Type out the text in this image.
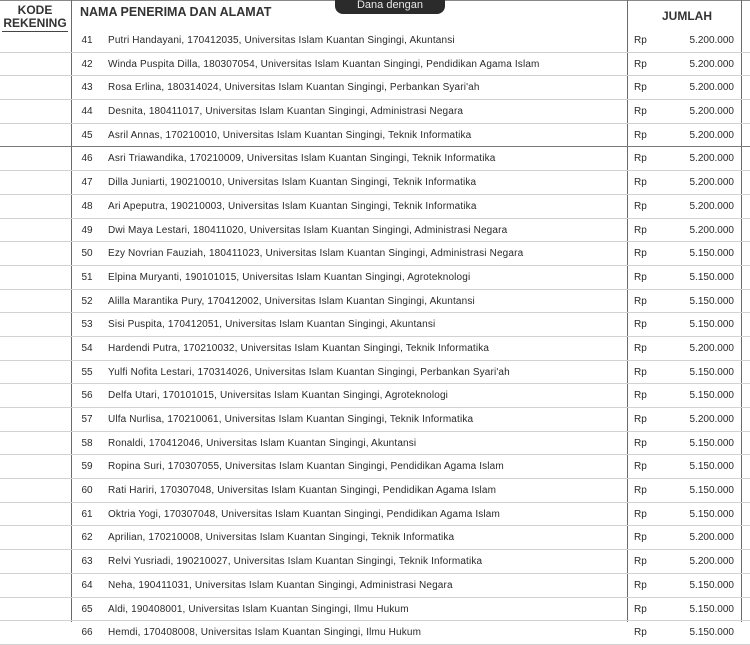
KODE
REKENING
NAMA PENERIMA DAN ALAMAT	JUMLAH
Dana dengan
41	Putri Handayani, 170412035, Universitas Islam Kuantan Singingi, Akuntansi	Rp	5.200.000
42	Winda Puspita Dilla, 180307054, Universitas Islam Kuantan Singingi, Pendidikan Agama Islam	Rp	5.200.000
43	Rosa Erlina, 180314024, Universitas Islam Kuantan Singingi, Perbankan Syari'ah	Rp	5.200.000
44	Desnita, 180411017, Universitas Islam Kuantan Singingi, Administrasi Negara	Rp	5.200.000
45	Asril Annas, 170210010, Universitas Islam Kuantan Singingi, Teknik Informatika	Rp	5.200.000
46	Asri Triawandika, 170210009, Universitas Islam Kuantan Singingi, Teknik Informatika	Rp	5.200.000
47	Dilla Juniarti, 190210010, Universitas Islam Kuantan Singingi, Teknik Informatika	Rp	5.200.000
48	Ari Apeputra, 190210003, Universitas Islam Kuantan Singingi, Teknik Informatika	Rp	5.200.000
49	Dwi Maya Lestari, 180411020, Universitas Islam Kuantan Singingi, Administrasi Negara	Rp	5.200.000
50	Ezy Novrian Fauziah, 180411023, Universitas Islam Kuantan Singingi, Administrasi Negara	Rp	5.150.000
51	Elpina Muryanti, 190101015, Universitas Islam Kuantan Singingi, Agroteknologi	Rp	5.150.000
52	Alilla Marantika Pury, 170412002, Universitas Islam Kuantan Singingi, Akuntansi	Rp	5.150.000
53	Sisi Puspita, 170412051, Universitas Islam Kuantan Singingi, Akuntansi	Rp	5.150.000
54	Hardendi Putra, 170210032, Universitas Islam Kuantan Singingi, Teknik Informatika	Rp	5.200.000
55	Yulfi Nofita Lestari, 170314026, Universitas Islam Kuantan Singingi, Perbankan Syari'ah	Rp	5.150.000
56	Delfa Utari, 170101015, Universitas Islam Kuantan Singingi, Agroteknologi	Rp	5.150.000
57	Ulfa Nurlisa, 170210061, Universitas Islam Kuantan Singingi, Teknik Informatika	Rp	5.200.000
58	Ronaldi, 170412046, Universitas Islam Kuantan Singingi, Akuntansi	Rp	5.150.000
59	Ropina Suri, 170307055, Universitas Islam Kuantan Singingi, Pendidikan Agama Islam	Rp	5.150.000
60	Rati Hariri, 170307048, Universitas Islam Kuantan Singingi, Pendidikan Agama Islam	Rp	5.150.000
61	Oktria Yogi, 170307048, Universitas Islam Kuantan Singingi, Pendidikan Agama Islam	Rp	5.150.000
62	Aprilian, 170210008, Universitas Islam Kuantan Singingi, Teknik Informatika	Rp	5.200.000
63	Relvi Yusriadi, 190210027, Universitas Islam Kuantan Singingi, Teknik Informatika	Rp	5.200.000
64	Neha, 190411031, Universitas Islam Kuantan Singingi, Administrasi Negara	Rp	5.150.000
65	Aldi, 190408001, Universitas Islam Kuantan Singingi, Ilmu Hukum	Rp	5.150.000
66	Hemdi, 170408008, Universitas Islam Kuantan Singingi, Ilmu Hukum	Rp	5.150.000
